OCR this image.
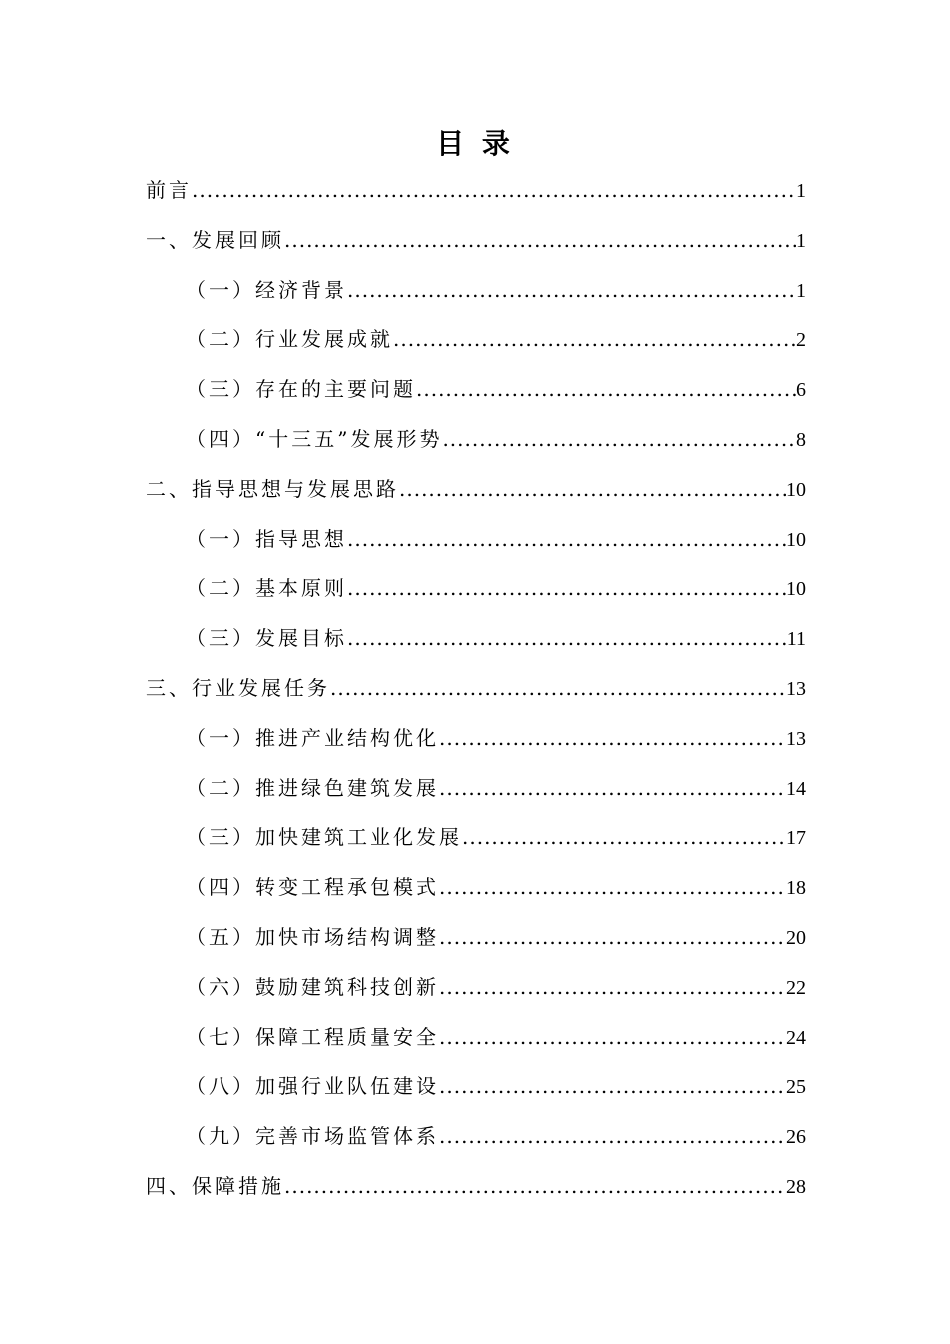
目 录
前言 .....	1
一、发展回顾 .....	1
（一）经济背景 .....	1
（二）行业发展成就 .....	2
（三）存在的主要问题 .....	6
（四）“十三五”发展形势 .....	8
二、指导思想与发展思路 .....	10
（一）指导思想 .....	10
（二）基本原则 .....	10
（三）发展目标 .....	11
三、行业发展任务 .....	13
（一）推进产业结构优化 .....	13
（二）推进绿色建筑发展 .....	14
（三）加快建筑工业化发展 .....	17
（四）转变工程承包模式 .....	18
（五）加快市场结构调整 .....	20
（六）鼓励建筑科技创新 .....	22
（七）保障工程质量安全 .....	24
（八）加强行业队伍建设 .....	25
（九）完善市场监管体系 .....	26
四、保障措施 .....	28
